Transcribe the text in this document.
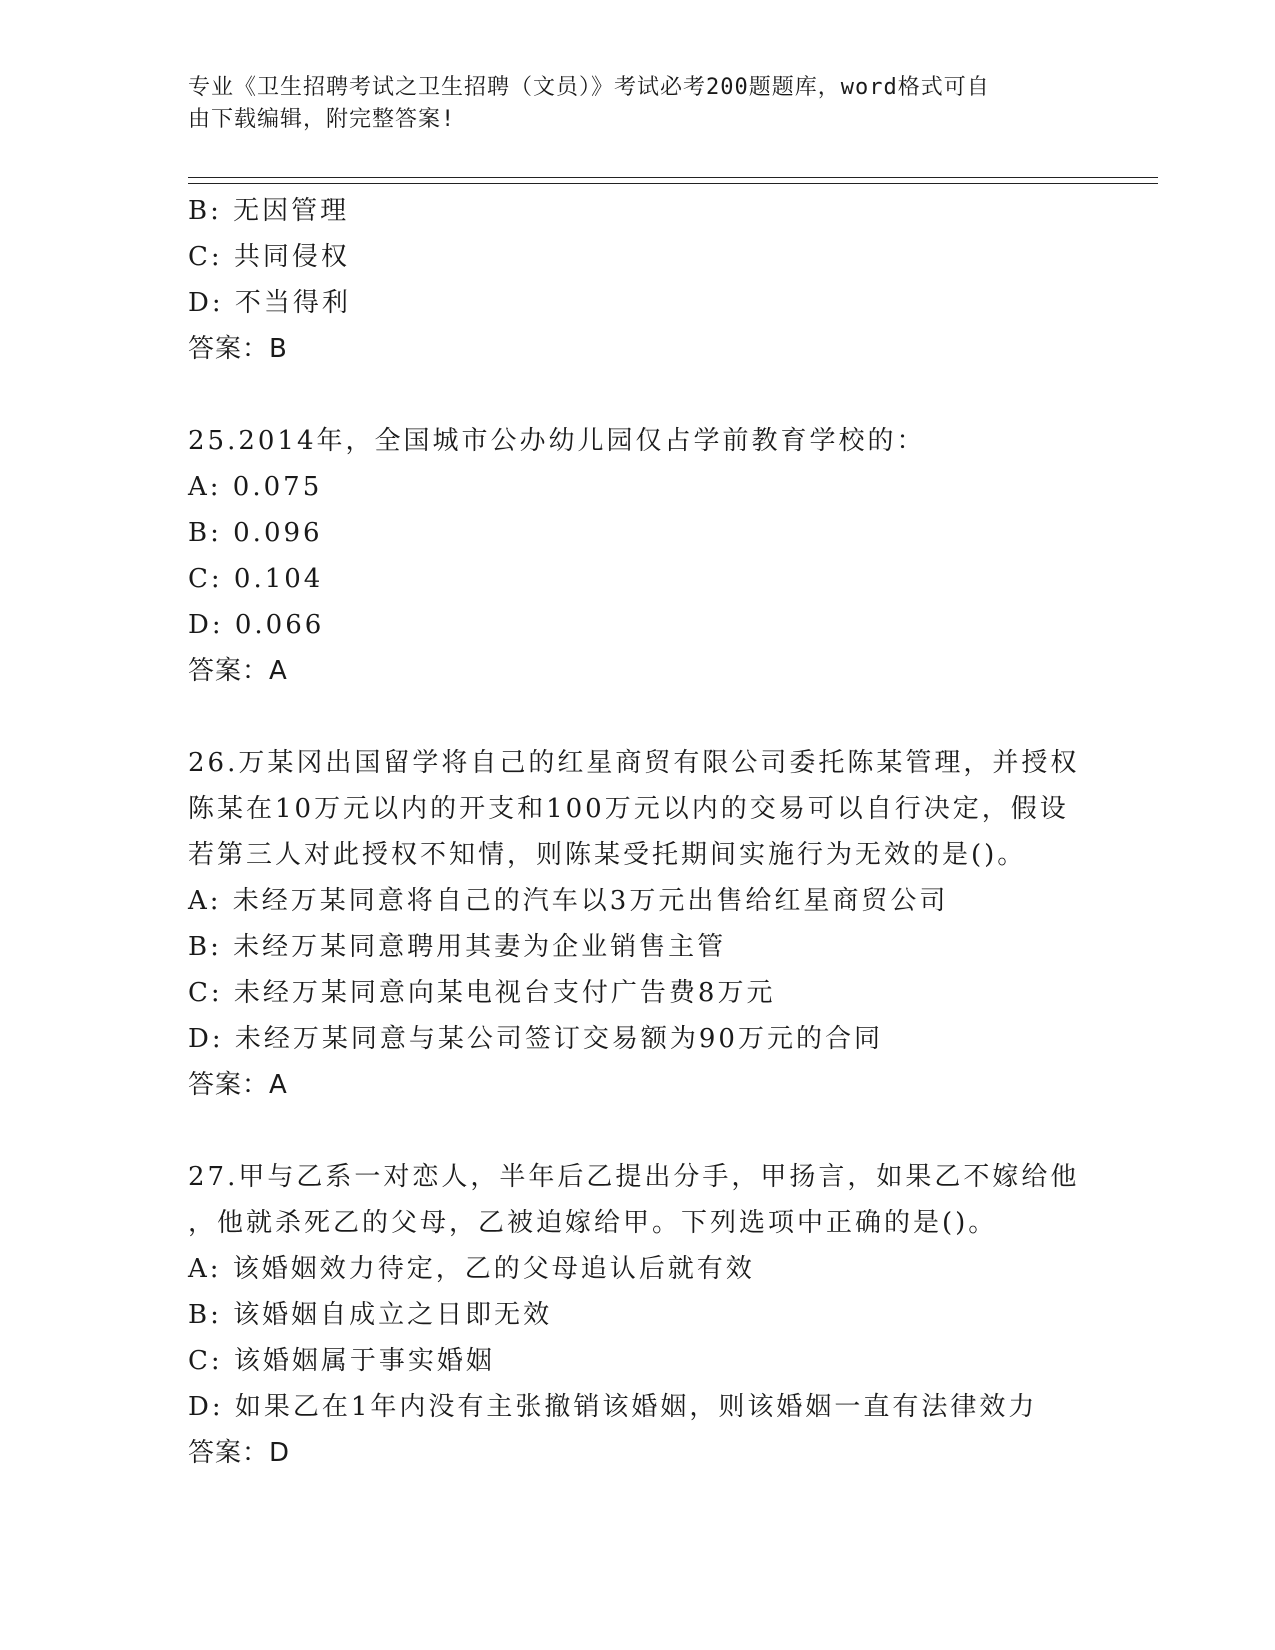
专业《卫生招聘考试之卫生招聘（文员）》考试必考200题题库，word格式可自
由下载编辑，附完整答案!
B: 无因管理
C: 共同侵权
D: 不当得利
答案：B
25.2014年，全国城市公办幼儿园仅占学前教育学校的：
A: 0.075
B: 0.096
C: 0.104
D: 0.066
答案：A
26.万某冈出国留学将自己的红星商贸有限公司委托陈某管理，并授权
陈某在10万元以内的开支和100万元以内的交易可以自行决定，假设
若第三人对此授权不知情，则陈某受托期间实施行为无效的是()。
A: 未经万某同意将自己的汽车以3万元出售给红星商贸公司
B: 未经万某同意聘用其妻为企业销售主管
C: 未经万某同意向某电视台支付广告费8万元
D: 未经万某同意与某公司签订交易额为90万元的合同
答案：A
27.甲与乙系一对恋人，半年后乙提出分手，甲扬言，如果乙不嫁给他
，他就杀死乙的父母，乙被迫嫁给甲。下列选项中正确的是()。
A: 该婚姻效力待定，乙的父母追认后就有效
B: 该婚姻自成立之日即无效
C: 该婚姻属于事实婚姻
D: 如果乙在1年内没有主张撤销该婚姻，则该婚姻一直有法律效力
答案：D
